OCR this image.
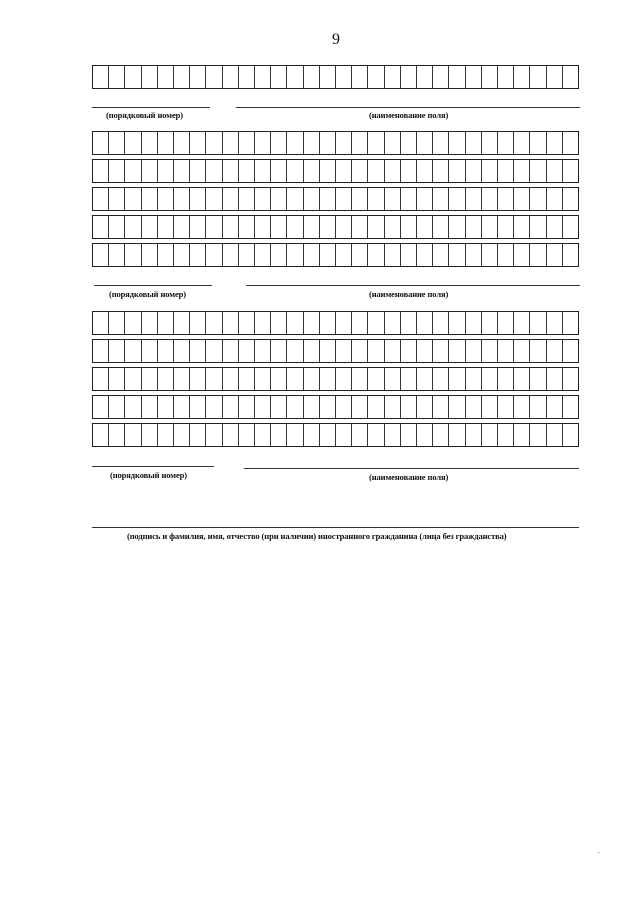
9
(порядковый номер)	(наименование поля)
(порядковый номер)	(наименование поля)
(порядковый номер)	(наименование поля)
(подпись и фамилия, имя, отчество (при наличии) иностранного гражданина (лица без гражданства)
